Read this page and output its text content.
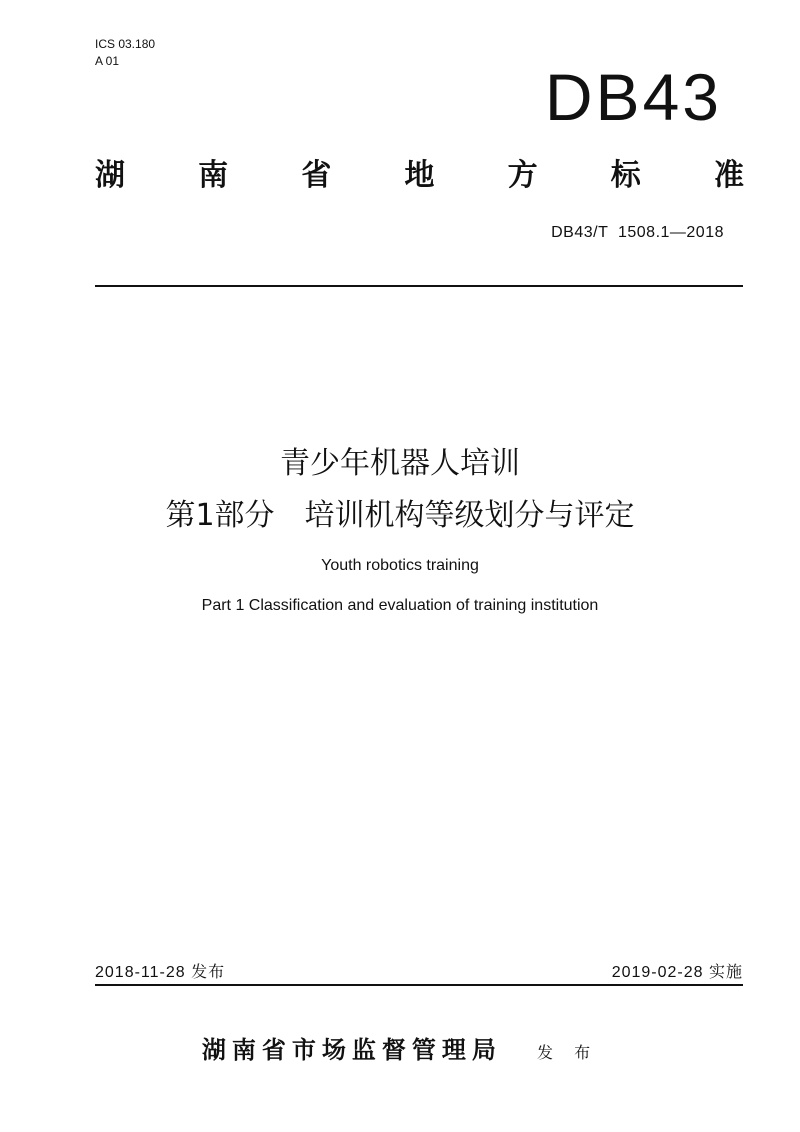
ICS 03.180
A 01	DB43
湖 南 省 地 方 标 准
DB43/T  1508.1—2018
青少年机器人培训
第1部分　培训机构等级划分与评定
Youth robotics training
Part 1 Classification and evaluation of training institution
2018-11-28 发布	2019-02-28 实施
湖南省市场监督管理局 发 布
